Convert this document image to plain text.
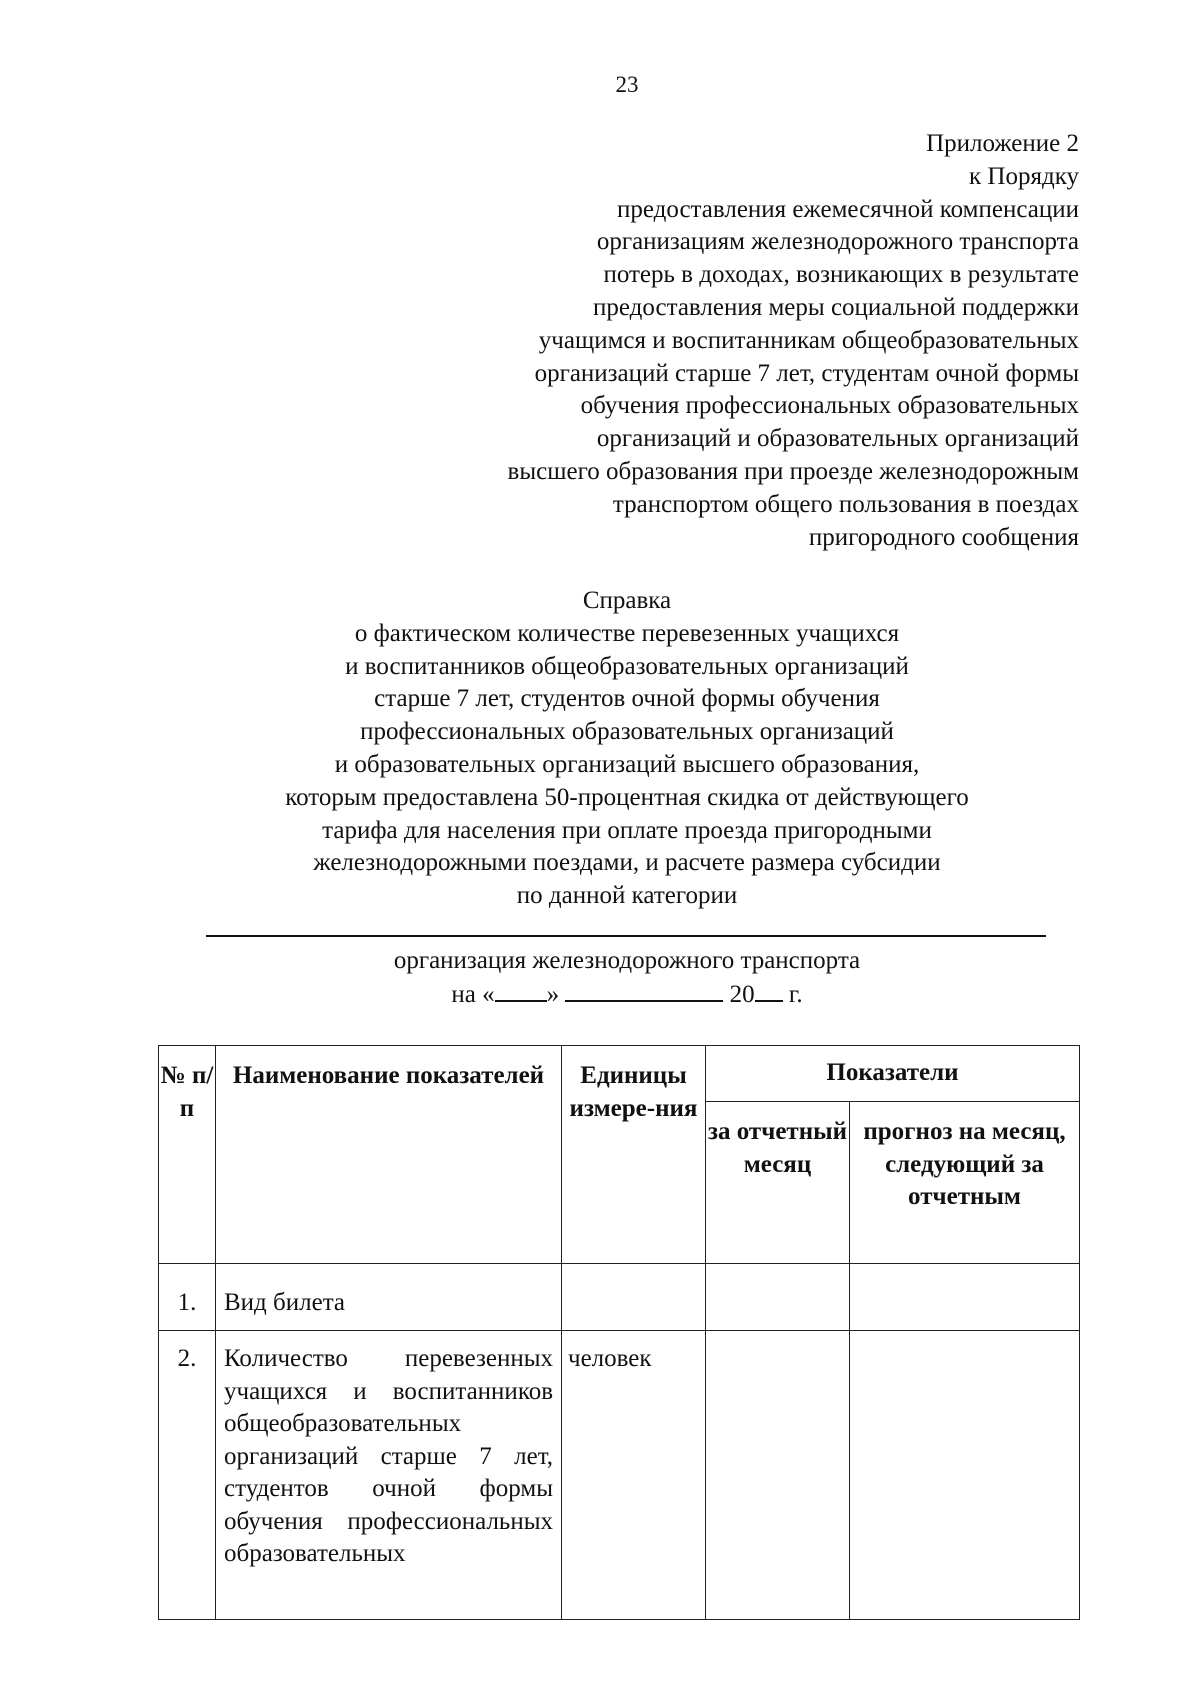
23
Приложение 2
к Порядку
предоставления ежемесячной компенсации
организациям железнодорожного транспорта
потерь в доходах, возникающих в результате
предоставления меры социальной поддержки
учащимся и воспитанникам общеобразовательных
организаций старше 7 лет, студентам очной формы
обучения профессиональных образовательных
организаций и образовательных организаций
высшего образования при проезде железнодорожным
транспортом общего пользования в поездах
пригородного сообщения
Справка
о фактическом количестве перевезенных учащихся
и воспитанников общеобразовательных организаций
старше 7 лет, студентов очной формы обучения
профессиональных образовательных организаций
и образовательных организаций высшего образования,
которым предоставлена 50-процентная скидка от действующего
тарифа для населения при оплате проезда пригородными
железнодорожными поездами, и расчете размера субсидии
по данной категории
организация железнодорожного транспорта
на « »	20 г.
№ п/п	Наименование показателей	Единицы измере-ния	Показатели	
			за отчетный месяц	прогноз на месяц, следующий за отчетным
1.	Вид билета			
2.	Количество перевезенных учащихся и воспитанников общеобразовательных организаций старше 7 лет, студентов очной формы обучения профессиональных образовательных	человек		
